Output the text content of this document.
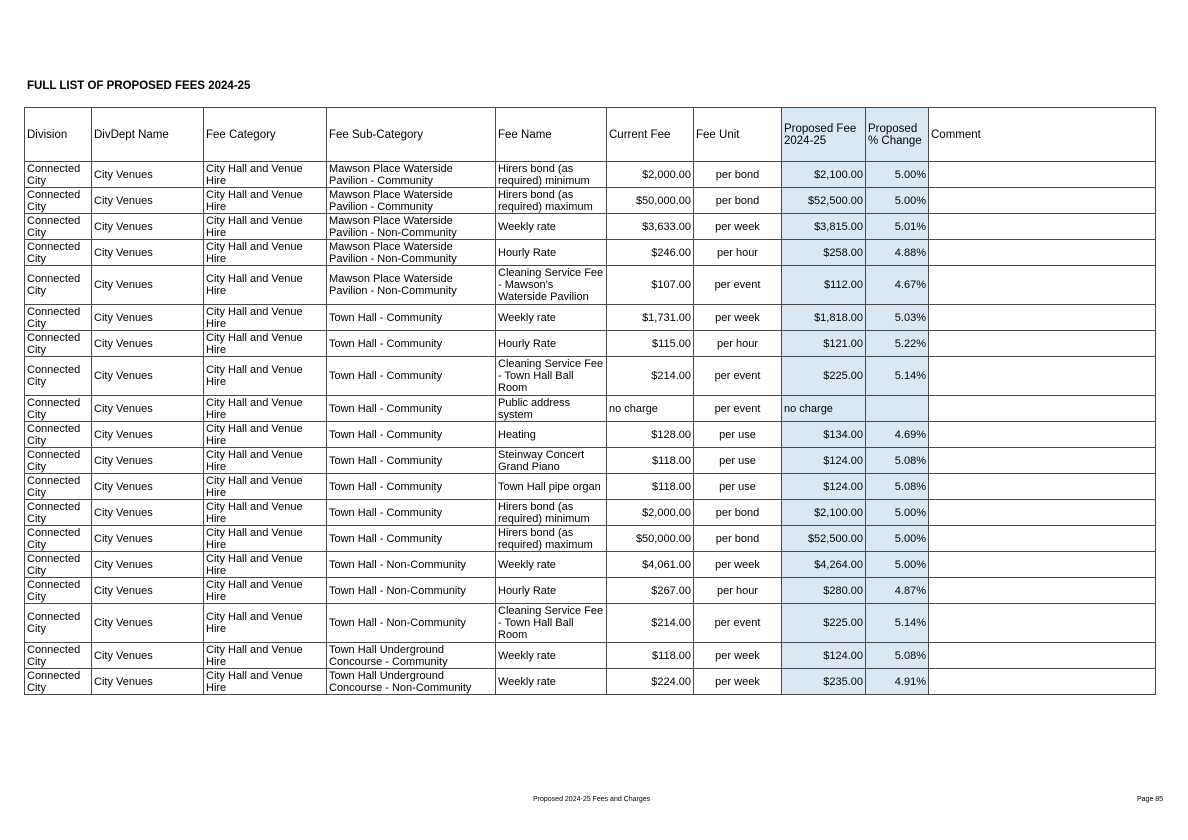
FULL LIST OF PROPOSED FEES 2024-25
Division	DivDept Name	Fee Category	Fee Sub-Category	Fee Name	Current Fee	Fee Unit	Proposed Fee 2024-25	Proposed % Change	Comment
Connected City	City Venues	City Hall and Venue Hire	Mawson Place Waterside Pavilion - Community	Hirers bond (as required) minimum	$2,000.00	per bond	$2,100.00	5.00%	
Connected City	City Venues	City Hall and Venue Hire	Mawson Place Waterside Pavilion - Community	Hirers bond (as required) maximum	$50,000.00	per bond	$52,500.00	5.00%	
Connected City	City Venues	City Hall and Venue Hire	Mawson Place Waterside Pavilion - Non-Community	Weekly rate	$3,633.00	per week	$3,815.00	5.01%	
Connected City	City Venues	City Hall and Venue Hire	Mawson Place Waterside Pavilion - Non-Community	Hourly Rate	$246.00	per hour	$258.00	4.88%	
Connected City	City Venues	City Hall and Venue Hire	Mawson Place Waterside Pavilion - Non-Community	Cleaning Service Fee - Mawson's Waterside Pavilion	$107.00	per event	$112.00	4.67%	
Connected City	City Venues	City Hall and Venue Hire	Town Hall - Community	Weekly rate	$1,731.00	per week	$1,818.00	5.03%	
Connected City	City Venues	City Hall and Venue Hire	Town Hall - Community	Hourly Rate	$115.00	per hour	$121.00	5.22%	
Connected City	City Venues	City Hall and Venue Hire	Town Hall - Community	Cleaning Service Fee - Town Hall Ball Room	$214.00	per event	$225.00	5.14%	
Connected City	City Venues	City Hall and Venue Hire	Town Hall - Community	Public address system	no charge	per event	no charge		
Connected City	City Venues	City Hall and Venue Hire	Town Hall - Community	Heating	$128.00	per use	$134.00	4.69%	
Connected City	City Venues	City Hall and Venue Hire	Town Hall - Community	Steinway Concert Grand Piano	$118.00	per use	$124.00	5.08%	
Connected City	City Venues	City Hall and Venue Hire	Town Hall - Community	Town Hall pipe organ	$118.00	per use	$124.00	5.08%	
Connected City	City Venues	City Hall and Venue Hire	Town Hall - Community	Hirers bond (as required) minimum	$2,000.00	per bond	$2,100.00	5.00%	
Connected City	City Venues	City Hall and Venue Hire	Town Hall - Community	Hirers bond (as required) maximum	$50,000.00	per bond	$52,500.00	5.00%	
Connected City	City Venues	City Hall and Venue Hire	Town Hall - Non-Community	Weekly rate	$4,061.00	per week	$4,264.00	5.00%	
Connected City	City Venues	City Hall and Venue Hire	Town Hall - Non-Community	Hourly Rate	$267.00	per hour	$280.00	4.87%	
Connected City	City Venues	City Hall and Venue Hire	Town Hall - Non-Community	Cleaning Service Fee - Town Hall Ball Room	$214.00	per event	$225.00	5.14%	
Connected City	City Venues	City Hall and Venue Hire	Town Hall Underground Concourse - Community	Weekly rate	$118.00	per week	$124.00	5.08%	
Connected City	City Venues	City Hall and Venue Hire	Town Hall Underground Concourse - Non-Community	Weekly rate	$224.00	per week	$235.00	4.91%	
Proposed 2024-25 Fees and Charges	Page 85
